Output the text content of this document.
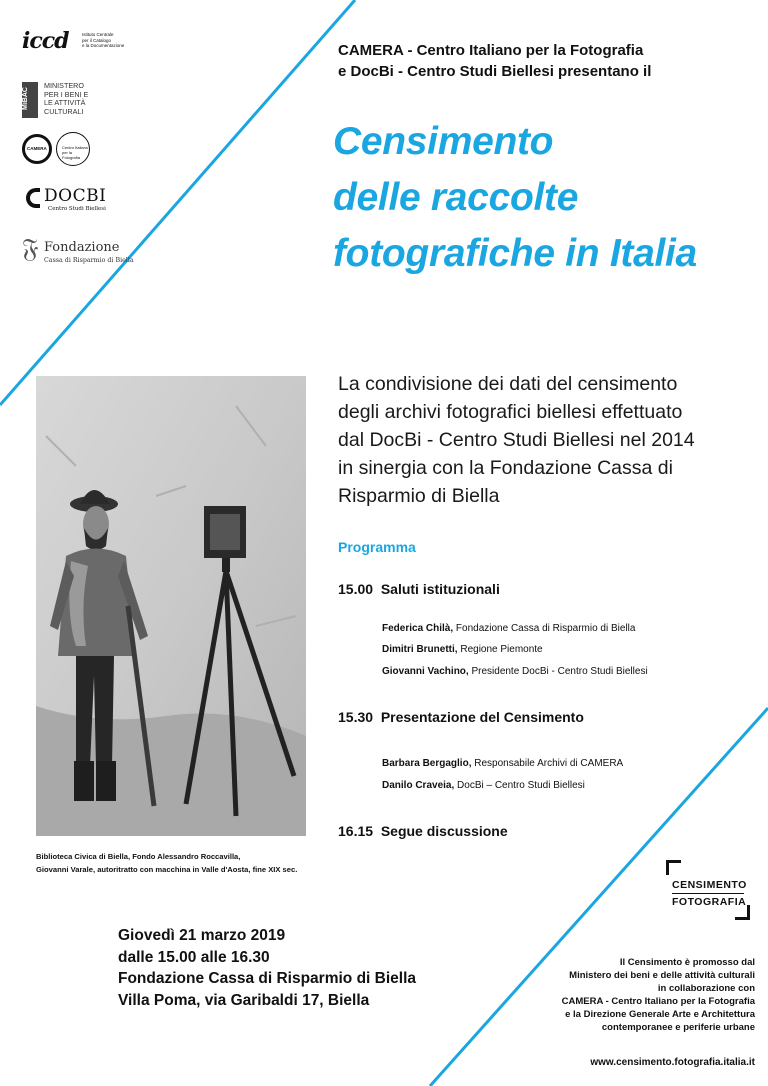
iccd	Istituto Centrale
per il Catalogo
e la Documentazione
MiBAC
MINISTERO
PER I BENI E
LE ATTIVITÀ
CULTURALI
CAMERA	Centro Italiano
per la Fotografia
DOCBI
Centro Studi Biellesi
𝔉 Fondazione
Cassa di Risparmio di Biella
CAMERA - Centro Italiano per la Fotografia
e DocBi - Centro Studi Biellesi presentano il
Censimento
delle raccolte
fotografiche in Italia
La condivisione dei dati del censimento
degli archivi fotografici biellesi effettuato
dal DocBi - Centro Studi Biellesi nel 2014
in sinergia con la Fondazione Cassa di
Risparmio di Biella
Programma
15.00 Saluti istituzionali
Federica Chilà, Fondazione Cassa di Risparmio di Biella
Dimitri Brunetti, Regione Piemonte
Giovanni Vachino, Presidente DocBi - Centro Studi Biellesi
15.30 Presentazione del Censimento
Barbara Bergaglio, Responsabile Archivi di CAMERA
Danilo Craveia, DocBi – Centro Studi Biellesi
16.15 Segue discussione
Biblioteca Civica di Biella, Fondo Alessandro Roccavilla,
Giovanni Varale, autoritratto con macchina in Valle d'Aosta, fine XIX sec.
Giovedì 21 marzo 2019
dalle 15.00 alle 16.30
Fondazione Cassa di Risparmio di Biella
Villa Poma, via Garibaldi 17, Biella
CENSIMENTO
FOTOGRAFIA
Il Censimento è promosso dal
Ministero dei beni e delle attività culturali
in collaborazione con
CAMERA - Centro Italiano per la Fotografia
e la Direzione Generale Arte e Architettura
contemporanee e periferie urbane
www.censimento.fotografia.italia.it
